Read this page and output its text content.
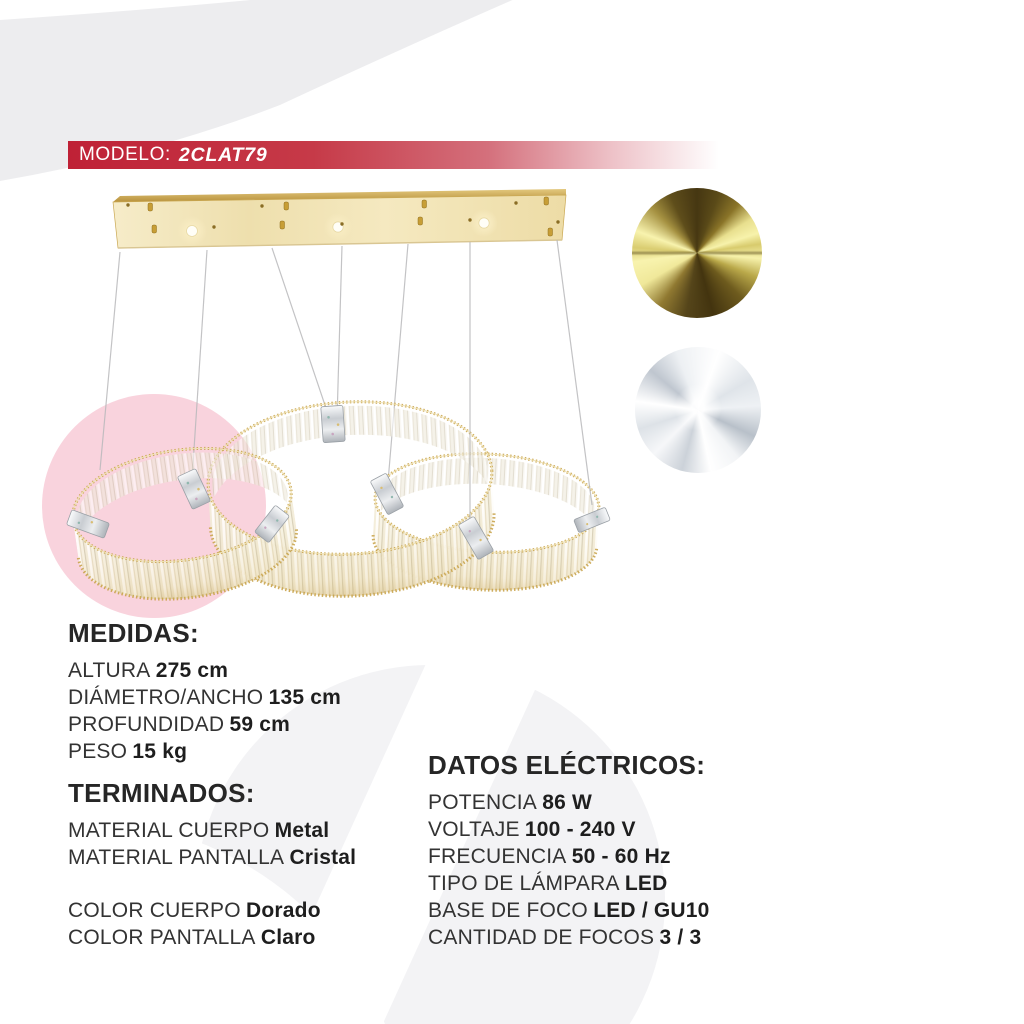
MODELO: 2CLAT79
MEDIDAS:
ALTURA 275 cm
DIÁMETRO/ANCHO 135 cm
PROFUNDIDAD 59 cm
PESO 15 kg
TERMINADOS:
MATERIAL CUERPO Metal
MATERIAL PANTALLA Cristal
COLOR CUERPO Dorado
COLOR PANTALLA Claro
DATOS ELÉCTRICOS:
POTENCIA 86 W
VOLTAJE 100 - 240 V
FRECUENCIA 50 - 60 Hz
TIPO DE LÁMPARA LED
BASE DE FOCO LED / GU10
CANTIDAD DE FOCOS 3 / 3
